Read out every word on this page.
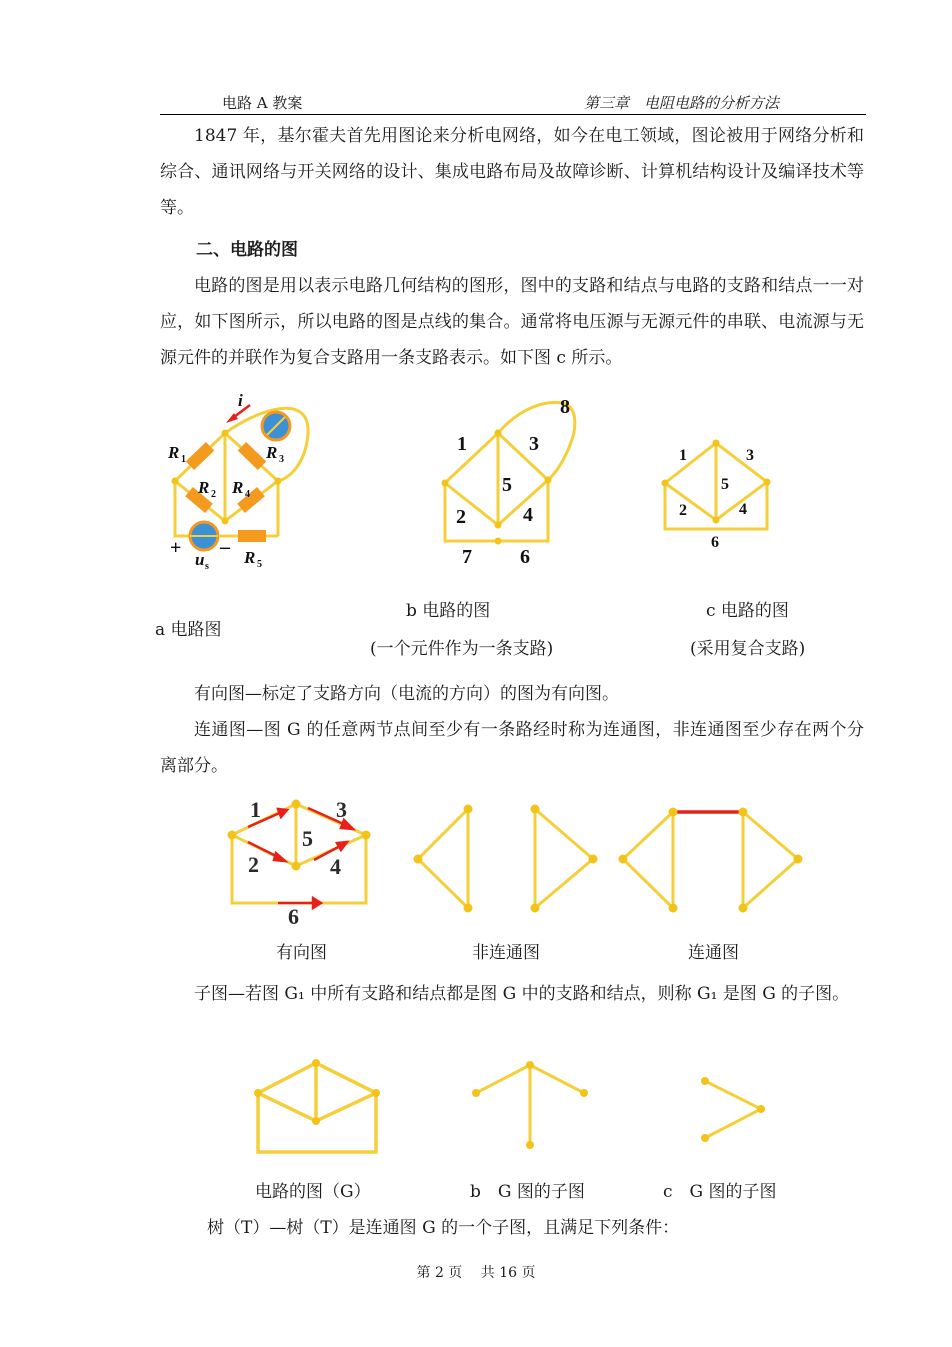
电路 A 教案	第三章　电阻电路的分析方法
1847 年，基尔霍夫首先用图论来分析电网络，如今在电工领域，图论被用于网络分析和综合、通讯网络与开关网络的设计、集成电路布局及故障诊断、计算机结构设计及编译技术等等。
二、电路的图
电路的图是用以表示电路几何结构的图形，图中的支路和结点与电路的支路和结点一一对应，如下图所示，所以电路的图是点线的集合。通常将电压源与无源元件的串联、电流源与无源元件的并联作为复合支路用一条支路表示。如下图 c 所示。
i
R 1	R 3
R 2 R 4
R 5
u s
+ –
1
2
3
4
5
6
7
8
1
2
3
4
5
6
a 电路图
b 电路的图
(一个元件作为一条支路)
c 电路的图
(采用复合支路)
有向图—标定了支路方向（电流的方向）的图为有向图。
连通图—图 G 的任意两节点间至少有一条路经时称为连通图，非连通图至少存在两个分离部分。
1
2
3
4
5
6
有向图	非连通图	连通图
子图—若图 G₁ 中所有支路和结点都是图 G 中的支路和结点，则称 G₁ 是图 G 的子图。
电路的图（G）	b　G 图的子图	c　G 图的子图
树（T）—树（T）是连通图 G 的一个子图，且满足下列条件：
第 2 页　 共 16 页
